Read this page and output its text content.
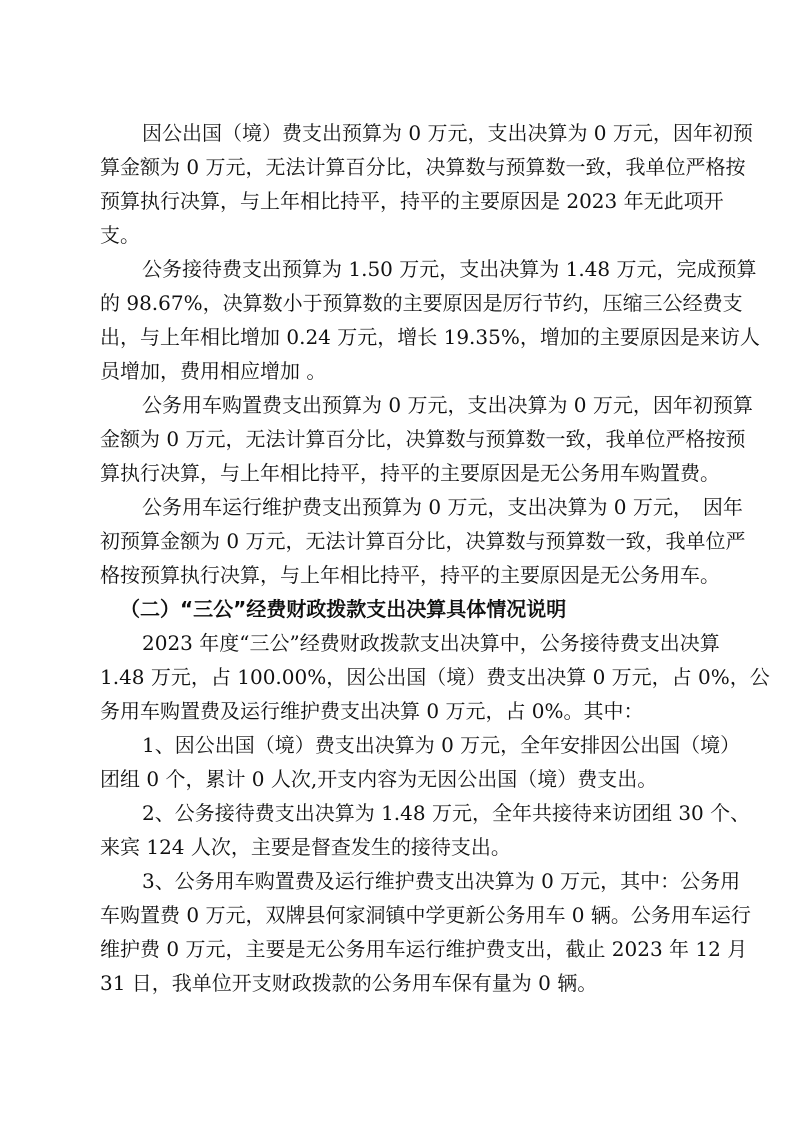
因公出国（境）费支出预算为 0 万元，支出决算为 0 万元，因年初预
算金额为 0 万元，无法计算百分比，决算数与预算数一致，我单位严格按
预算执行决算，与上年相比持平，持平的主要原因是 2023 年无此项开
支。
公务接待费支出预算为 1.50 万元，支出决算为 1.48 万元，完成预算
的 98.67%，决算数小于预算数的主要原因是厉行节约，压缩三公经费支
出，与上年相比增加 0.24 万元，增长 19.35%，增加的主要原因是来访人
员增加，费用相应增加 。
公务用车购置费支出预算为 0 万元，支出决算为 0 万元，因年初预算
金额为 0 万元，无法计算百分比，决算数与预算数一致，我单位严格按预
算执行决算，与上年相比持平，持平的主要原因是无公务用车购置费。
公务用车运行维护费支出预算为 0 万元，支出决算为 0 万元，　因年
初预算金额为 0 万元，无法计算百分比，决算数与预算数一致，我单位严
格按预算执行决算，与上年相比持平，持平的主要原因是无公务用车。
（二）“三公”经费财政拨款支出决算具体情况说明
2023 年度“三公”经费财政拨款支出决算中，公务接待费支出决算
1.48 万元，占 100.00%，因公出国（境）费支出决算 0 万元，占 0%，公
务用车购置费及运行维护费支出决算 0 万元，占 0%。其中：
1、因公出国（境）费支出决算为 0 万元，全年安排因公出国（境）
团组 0 个，累计 0 人次,开支内容为无因公出国（境）费支出。
2、公务接待费支出决算为 1.48 万元，全年共接待来访团组 30 个、
来宾 124 人次，主要是督查发生的接待支出。
3、公务用车购置费及运行维护费支出决算为 0 万元，其中：公务用
车购置费 0 万元，双牌县何家洞镇中学更新公务用车 0 辆。公务用车运行
维护费 0 万元，主要是无公务用车运行维护费支出，截止 2023 年 12 月
31 日，我单位开支财政拨款的公务用车保有量为 0 辆。
